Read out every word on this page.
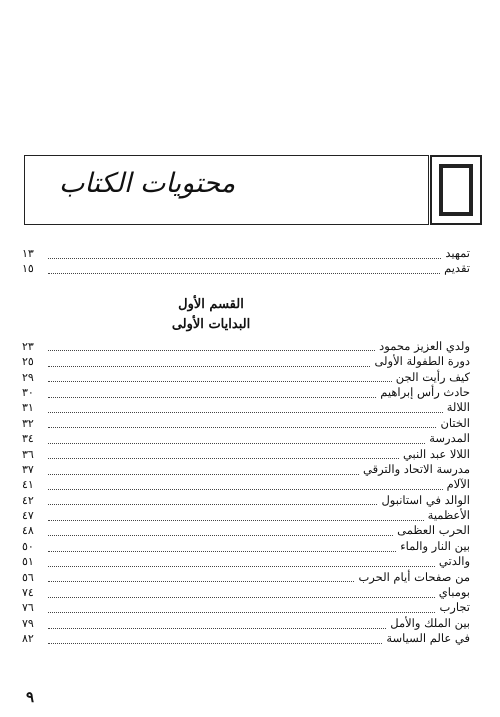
محتويات الكتاب
تمهيد
١٣
تقديم
١٥
القسم الأول
البدايات الأولى
ولدي العزيز محمود
٢٣
دورة الطفولة الأولى
٢٥
كيف رأيت الجن
٢٩
حادث رأس إبراهيم
٣٠
اللالة
٣١
الختان
٣٢
المدرسة
٣٤
اللالا عبد النبي
٣٦
مدرسة الاتحاد والترقي
٣٧
الآلام
٤١
الوالد في استانبول
٤٢
الأعظمية
٤٧
الحرب العظمى
٤٨
بين النار والماء
٥٠
والدتي
٥١
من صفحات أيام الحرب
٥٦
بومباي
٧٤
تجارب
٧٦
بين الملك والأمل
٧٩
في عالم السياسة
٨٢
٩
